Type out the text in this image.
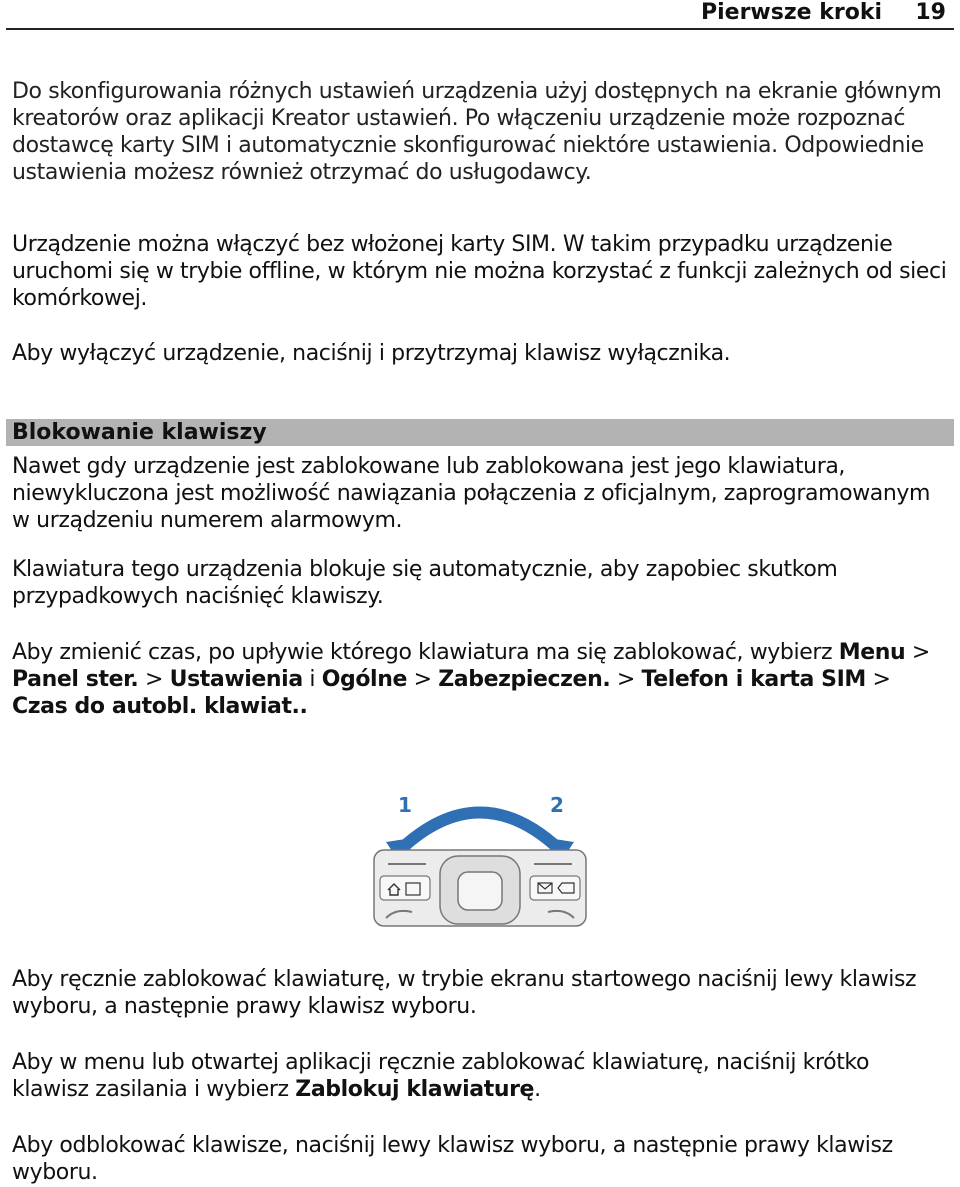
Pierwsze kroki 19

Do skonfigurowania różnych ustawień urządzenia użyj dostępnych na ekranie głównym kreatorów oraz aplikacji Kreator ustawień. Po włączeniu urządzenie może rozpoznać dostawcę karty SIM i automatycznie skonfigurować niektóre ustawienia. Odpowiednie ustawienia możesz również otrzymać do usługodawcy.

Urządzenie można włączyć bez włożonej karty SIM. W takim przypadku urządzenie uruchomi się w trybie offline, w którym nie można korzystać z funkcji zależnych od sieci komórkowej.

Aby wyłączyć urządzenie, naciśnij i przytrzymaj klawisz wyłącznika.

Blokowanie klawiszy

Nawet gdy urządzenie jest zablokowane lub zablokowana jest jego klawiatura, niewykluczona jest możliwość nawiązania połączenia z oficjalnym, zaprogramowanym w urządzeniu numerem alarmowym.

Klawiatura tego urządzenia blokuje się automatycznie, aby zapobiec skutkom przypadkowych naciśnięć klawiszy.

Aby zmienić czas, po upływie którego klawiatura ma się zablokować, wybierz Menu > Panel ster. > Ustawienia i Ogólne > Zabezpieczen. > Telefon i karta SIM > Czas do autobl. klawiat..

1	2

Aby ręcznie zablokować klawiaturę, w trybie ekranu startowego naciśnij lewy klawisz wyboru, a następnie prawy klawisz wyboru.

Aby w menu lub otwartej aplikacji ręcznie zablokować klawiaturę, naciśnij krótko klawisz zasilania i wybierz Zablokuj klawiaturę.

Aby odblokować klawisze, naciśnij lewy klawisz wyboru, a następnie prawy klawisz wyboru.
